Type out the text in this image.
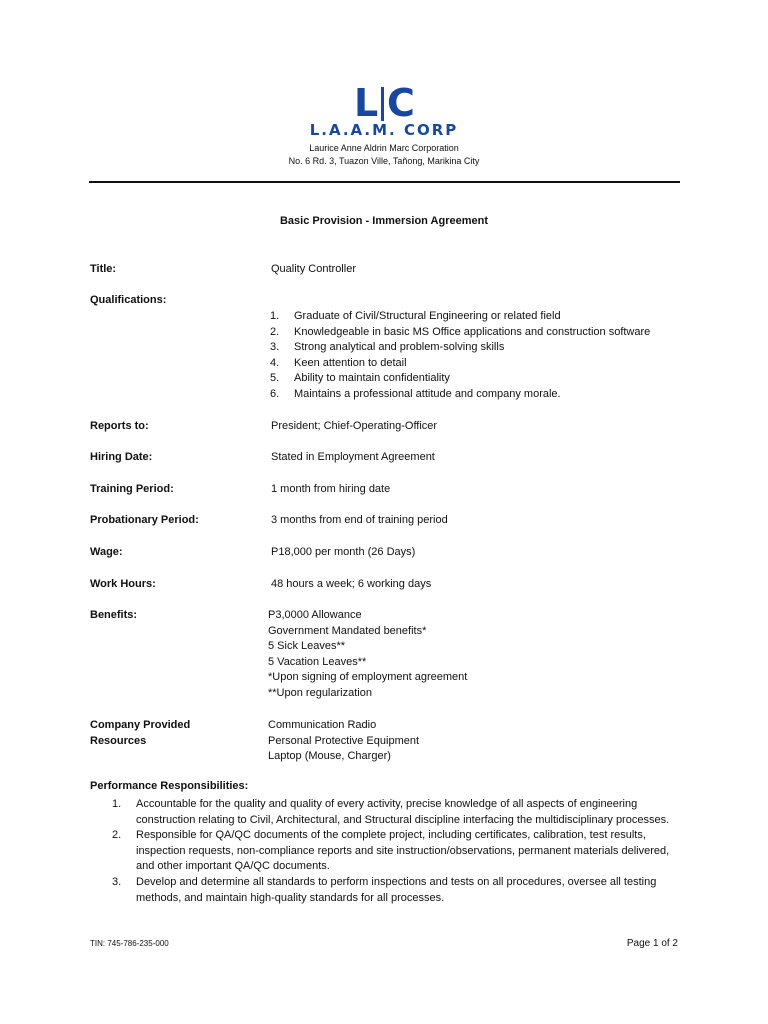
L C
L.A.A.M. CORP
Laurice Anne Aldrin Marc Corporation
No. 6 Rd. 3, Tuazon Ville, Tañong, Marikina City
Basic Provision - Immersion Agreement
Title:	Quality Controller
Qualifications:
1.	Graduate of Civil/Structural Engineering or related field
2.	Knowledgeable in basic MS Office applications and construction software
3.	Strong analytical and problem-solving skills
4.	Keen attention to detail
5.	Ability to maintain confidentiality
6.	Maintains a professional attitude and company morale.
Reports to:	President; Chief-Operating-Officer
Hiring Date:	Stated in Employment Agreement
Training Period:	1 month from hiring date
Probationary Period:	3 months from end of training period
Wage:	P18,000 per month (26 Days)
Work Hours:	48 hours a week; 6 working days
Benefits:	P3,0000 Allowance
Government Mandated benefits*
5 Sick Leaves**
5 Vacation Leaves**
*Upon signing of employment agreement
**Upon regularization
Company Provided
Resources
Communication Radio
Personal Protective Equipment
Laptop (Mouse, Charger)
Performance Responsibilities:
1.	Accountable for the quality and quality of every activity, precise knowledge of all aspects of engineering construction relating to Civil, Architectural, and Structural discipline interfacing the multidisciplinary processes.
2.	Responsible for QA/QC documents of the complete project, including certificates, calibration, test results, inspection requests, non-compliance reports and site instruction/observations, permanent materials delivered, and other important QA/QC documents.
3.	Develop and determine all standards to perform inspections and tests on all procedures, oversee all testing methods, and maintain high-quality standards for all processes.
TIN: 745-786-235-000	Page 1 of 2
